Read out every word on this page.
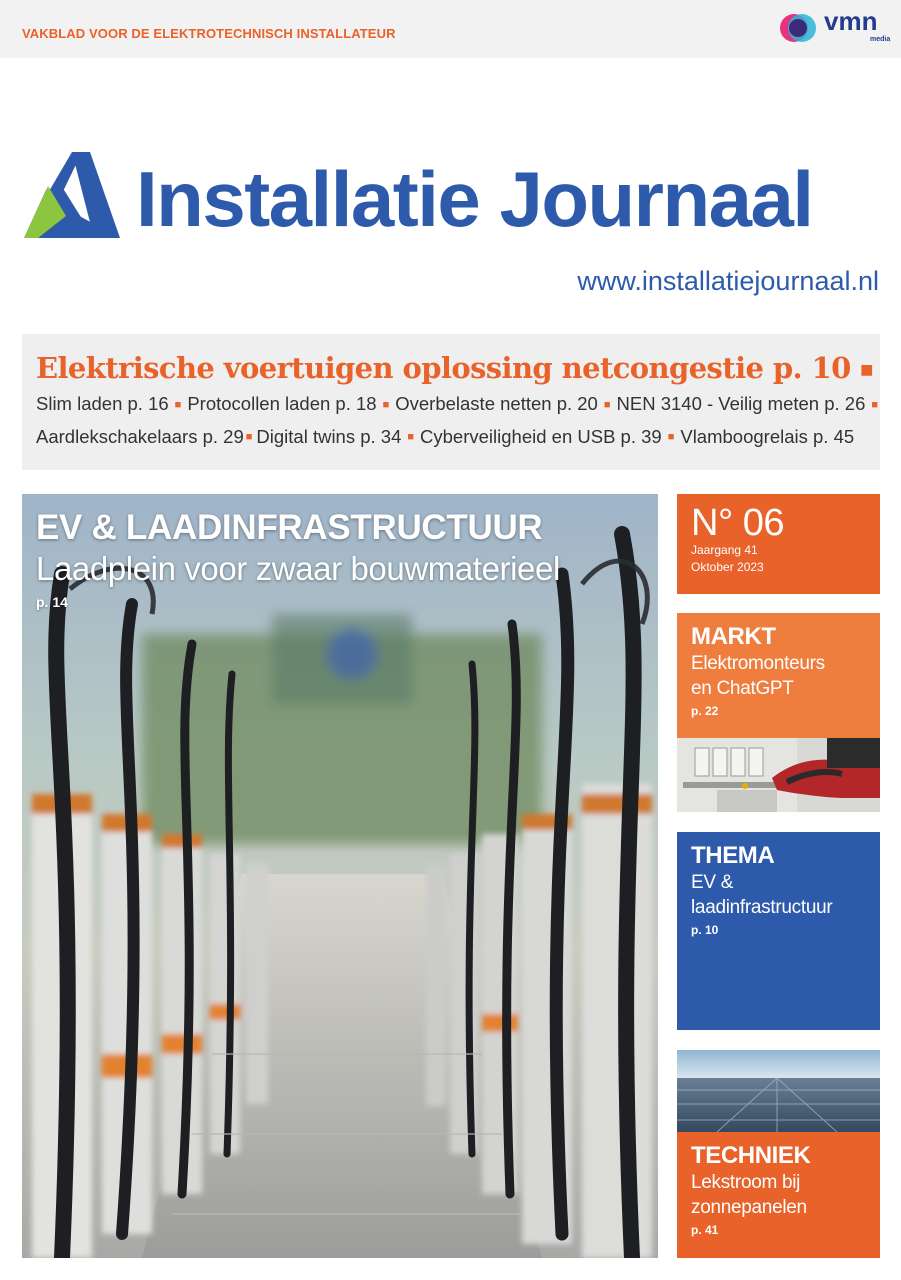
VAKBLAD VOOR DE ELEKTROTECHNISCH INSTALLATEUR	vmn
media
Installatie Journaal
www.installatiejournaal.nl
Elektrische voertuigen oplossing netcongestie p. 10 ■
Slim laden p. 16 ■ Protocollen laden p. 18 ■ Overbelaste netten p. 20 ■ NEN 3140 - Veilig meten p. 26 ■
Aardlekschakelaars p. 29 ■ Digital twins p. 34 ■ Cyberveiligheid en USB p. 39 ■ Vlamboogrelais p. 45
EV & LAADINFRASTRUCTUUR
Laadplein voor zwaar bouwmaterieel
p. 14
N° 06
Jaargang 41
Oktober 2023
MARKT
Elektromonteurs
en ChatGPT
p. 22
THEMA
EV &
laadinfrastructuur
p. 10
TECHNIEK
Lekstroom bij
zonnepanelen
p. 41
